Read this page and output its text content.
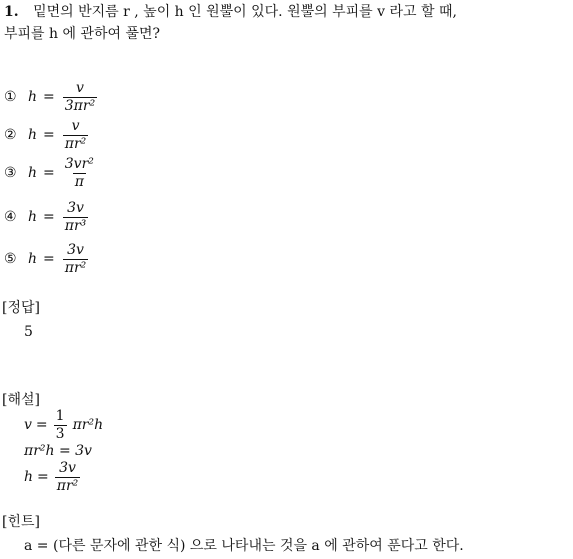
1. 밑면의 반지름 r , 높이 h 인 원뿔이 있다. 원뿔의 부피를 v 라고 할 때,
부피를 h 에 관하여 풀면?
① $h = \frac{v}{\text{3πr²}}$
② $h = \frac{v}{\text{πr²}}$
③ $h = \frac{\text{3vr²}}{\pi}$
④ $h = \frac{3v}{\text{πr³}}$
⑤ $h = \frac{3v}{\text{πr²}}$
[정답]
5
[해설]
$v = \frac{1}{3} \pi r^2h$
πr²h = 3v
$h = \frac{3v}{\text{πr²}}$
[힌트]
a = (다른 문자에 관한 식) 으로 나타내는 것을 a 에 관하여 푼다고 한다.
